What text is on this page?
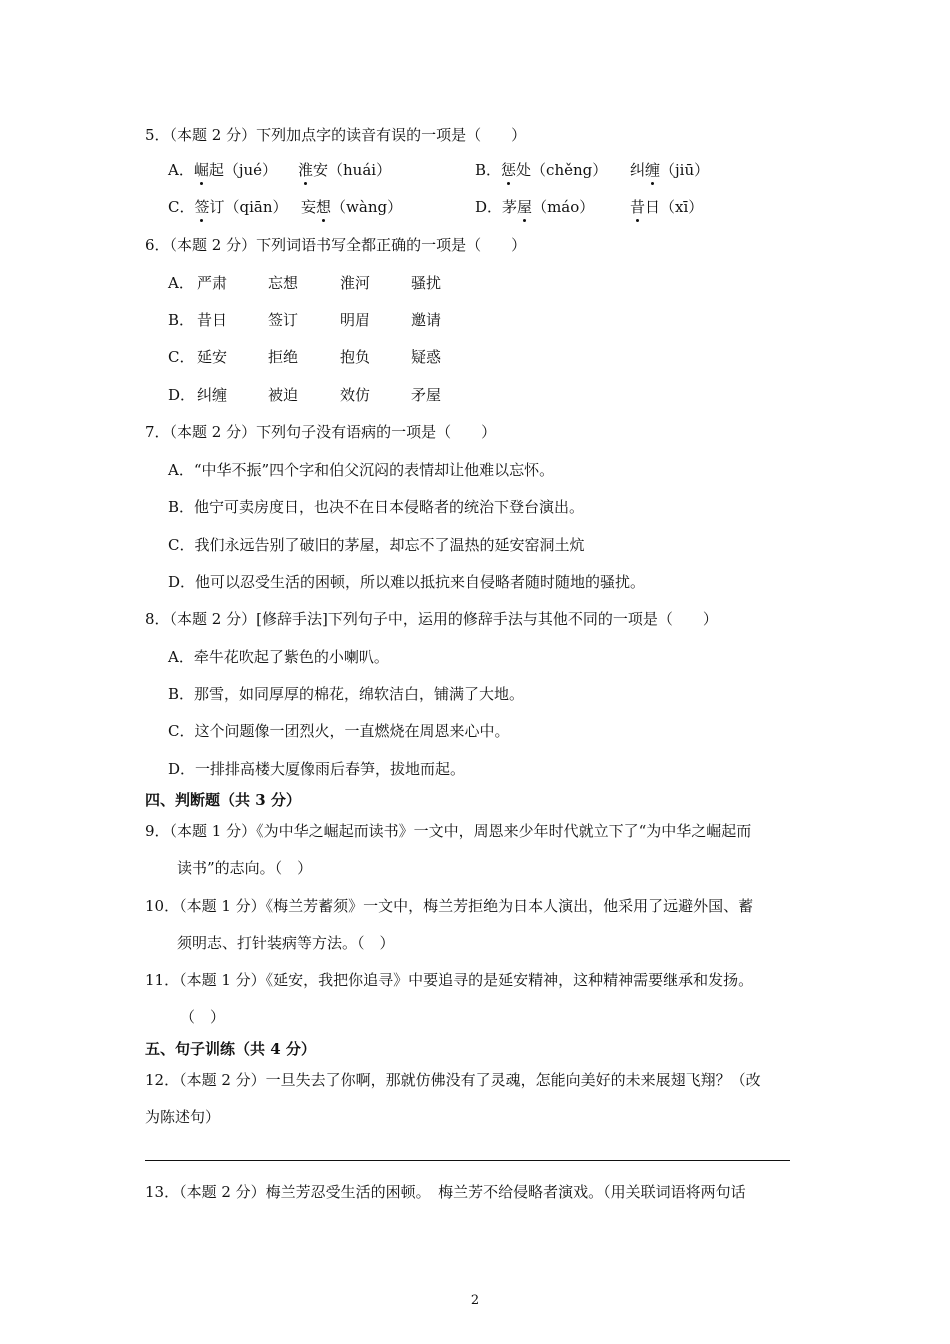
5．（本题 2 分）下列加点字的读音有误的一项是（　　）
A．崛起（jué） 淮安（huái）	B．惩处（chěng） 纠缠（jiū）
C．签订（qiān） 妄想（wàng）	D．茅屋（máo） 昔日（xī）
6．（本题 2 分）下列词语书写全都正确的一项是（　　）
A． 严肃	忘想	淮河	骚扰
B． 昔日	签订	明眉	邀请
C． 延安	拒绝	抱负	疑惑
D． 纠缠	被迫	效仿	矛屋
7．（本题 2 分）下列句子没有语病的一项是（　　）
A．“中华不振”四个字和伯父沉闷的表情却让他难以忘怀。
B．他宁可卖房度日，也决不在日本侵略者的统治下登台演出。
C．我们永远告别了破旧的茅屋，却忘不了温热的延安窑洞土炕
D．他可以忍受生活的困顿，所以难以抵抗来自侵略者随时随地的骚扰。
8．（本题 2 分）[修辞手法]下列句子中，运用的修辞手法与其他不同的一项是（　　）
A．牵牛花吹起了紫色的小喇叭。
B．那雪，如同厚厚的棉花，绵软洁白，铺满了大地。
C．这个问题像一团烈火，一直燃烧在周恩来心中。
D．一排排高楼大厦像雨后春笋，拔地而起。
四、判断题（共 3 分）
9．（本题 1 分）《为中华之崛起而读书》一文中，周恩来少年时代就立下了“为中华之崛起而
读书”的志向。（　）
10．（本题 1 分）《梅兰芳蓄须》一文中，梅兰芳拒绝为日本人演出，他采用了远避外国、蓄
须明志、打针装病等方法。（　）
11．（本题 1 分）《延安，我把你追寻》中要追寻的是延安精神，这种精神需要继承和发扬。
（　）
五、句子训练（共 4 分）
12．（本题 2 分）一旦失去了你啊，那就仿佛没有了灵魂，怎能向美好的未来展翅飞翔？（改
为陈述句）
13．（本题 2 分）梅兰芳忍受生活的困顿。　梅兰芳不给侵略者演戏。（用关联词语将两句话
2
